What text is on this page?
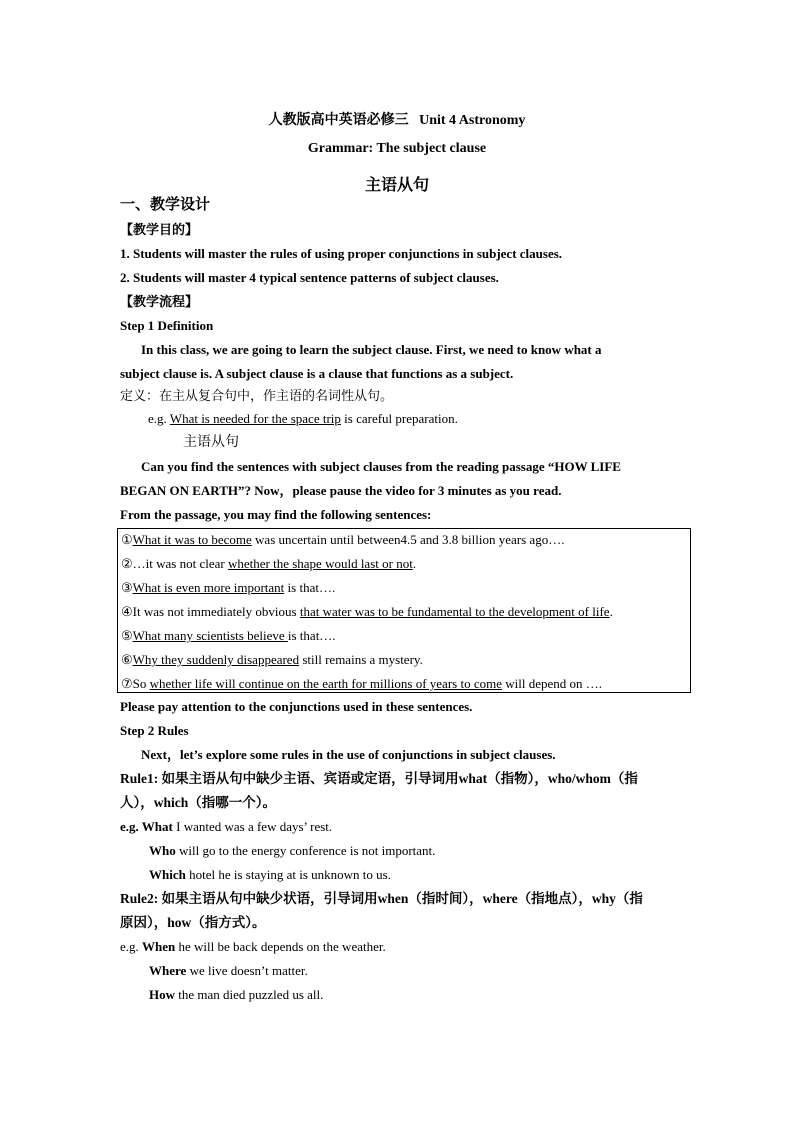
人教版高中英语必修三 Unit 4 Astronomy
Grammar: The subject clause
主语从句
一、教学设计
【教学目的】
1. Students will master the rules of using proper conjunctions in subject clauses.
2. Students will master 4 typical sentence patterns of subject clauses.
【教学流程】
Step 1 Definition
In this class, we are going to learn the subject clause. First, we need to know what a
subject clause is. A subject clause is a clause that functions as a subject.
定义：在主从复合句中，作主语的名词性从句。
e.g. What is needed for the space trip is careful preparation.
主语从句
Can you find the sentences with subject clauses from the reading passage “HOW LIFE
BEGAN ON EARTH”? Now，please pause the video for 3 minutes as you read.
From the passage, you may find the following sentences:
①What it was to become was uncertain until between4.5 and 3.8 billion years ago….
②…it was not clear whether the shape would last or not.
③What is even more important is that….
④It was not immediately obvious that water was to be fundamental to the development of life.
⑤What many scientists believe is that….
⑥Why they suddenly disappeared still remains a mystery.
⑦So whether life will continue on the earth for millions of years to come will depend on ….
Please pay attention to the conjunctions used in these sentences.
Step 2 Rules
Next，let’s explore some rules in the use of conjunctions in subject clauses.
Rule1: 如果主语从句中缺少主语、宾语或定语，引导词用what（指物），who/whom（指
人），which（指哪一个）。
e.g. What I wanted was a few days’ rest.
Who will go to the energy conference is not important.
Which hotel he is staying at is unknown to us.
Rule2: 如果主语从句中缺少状语，引导词用when（指时间），where（指地点），why（指
原因），how（指方式）。
e.g. When he will be back depends on the weather.
Where we live doesn’t matter.
How the man died puzzled us all.
